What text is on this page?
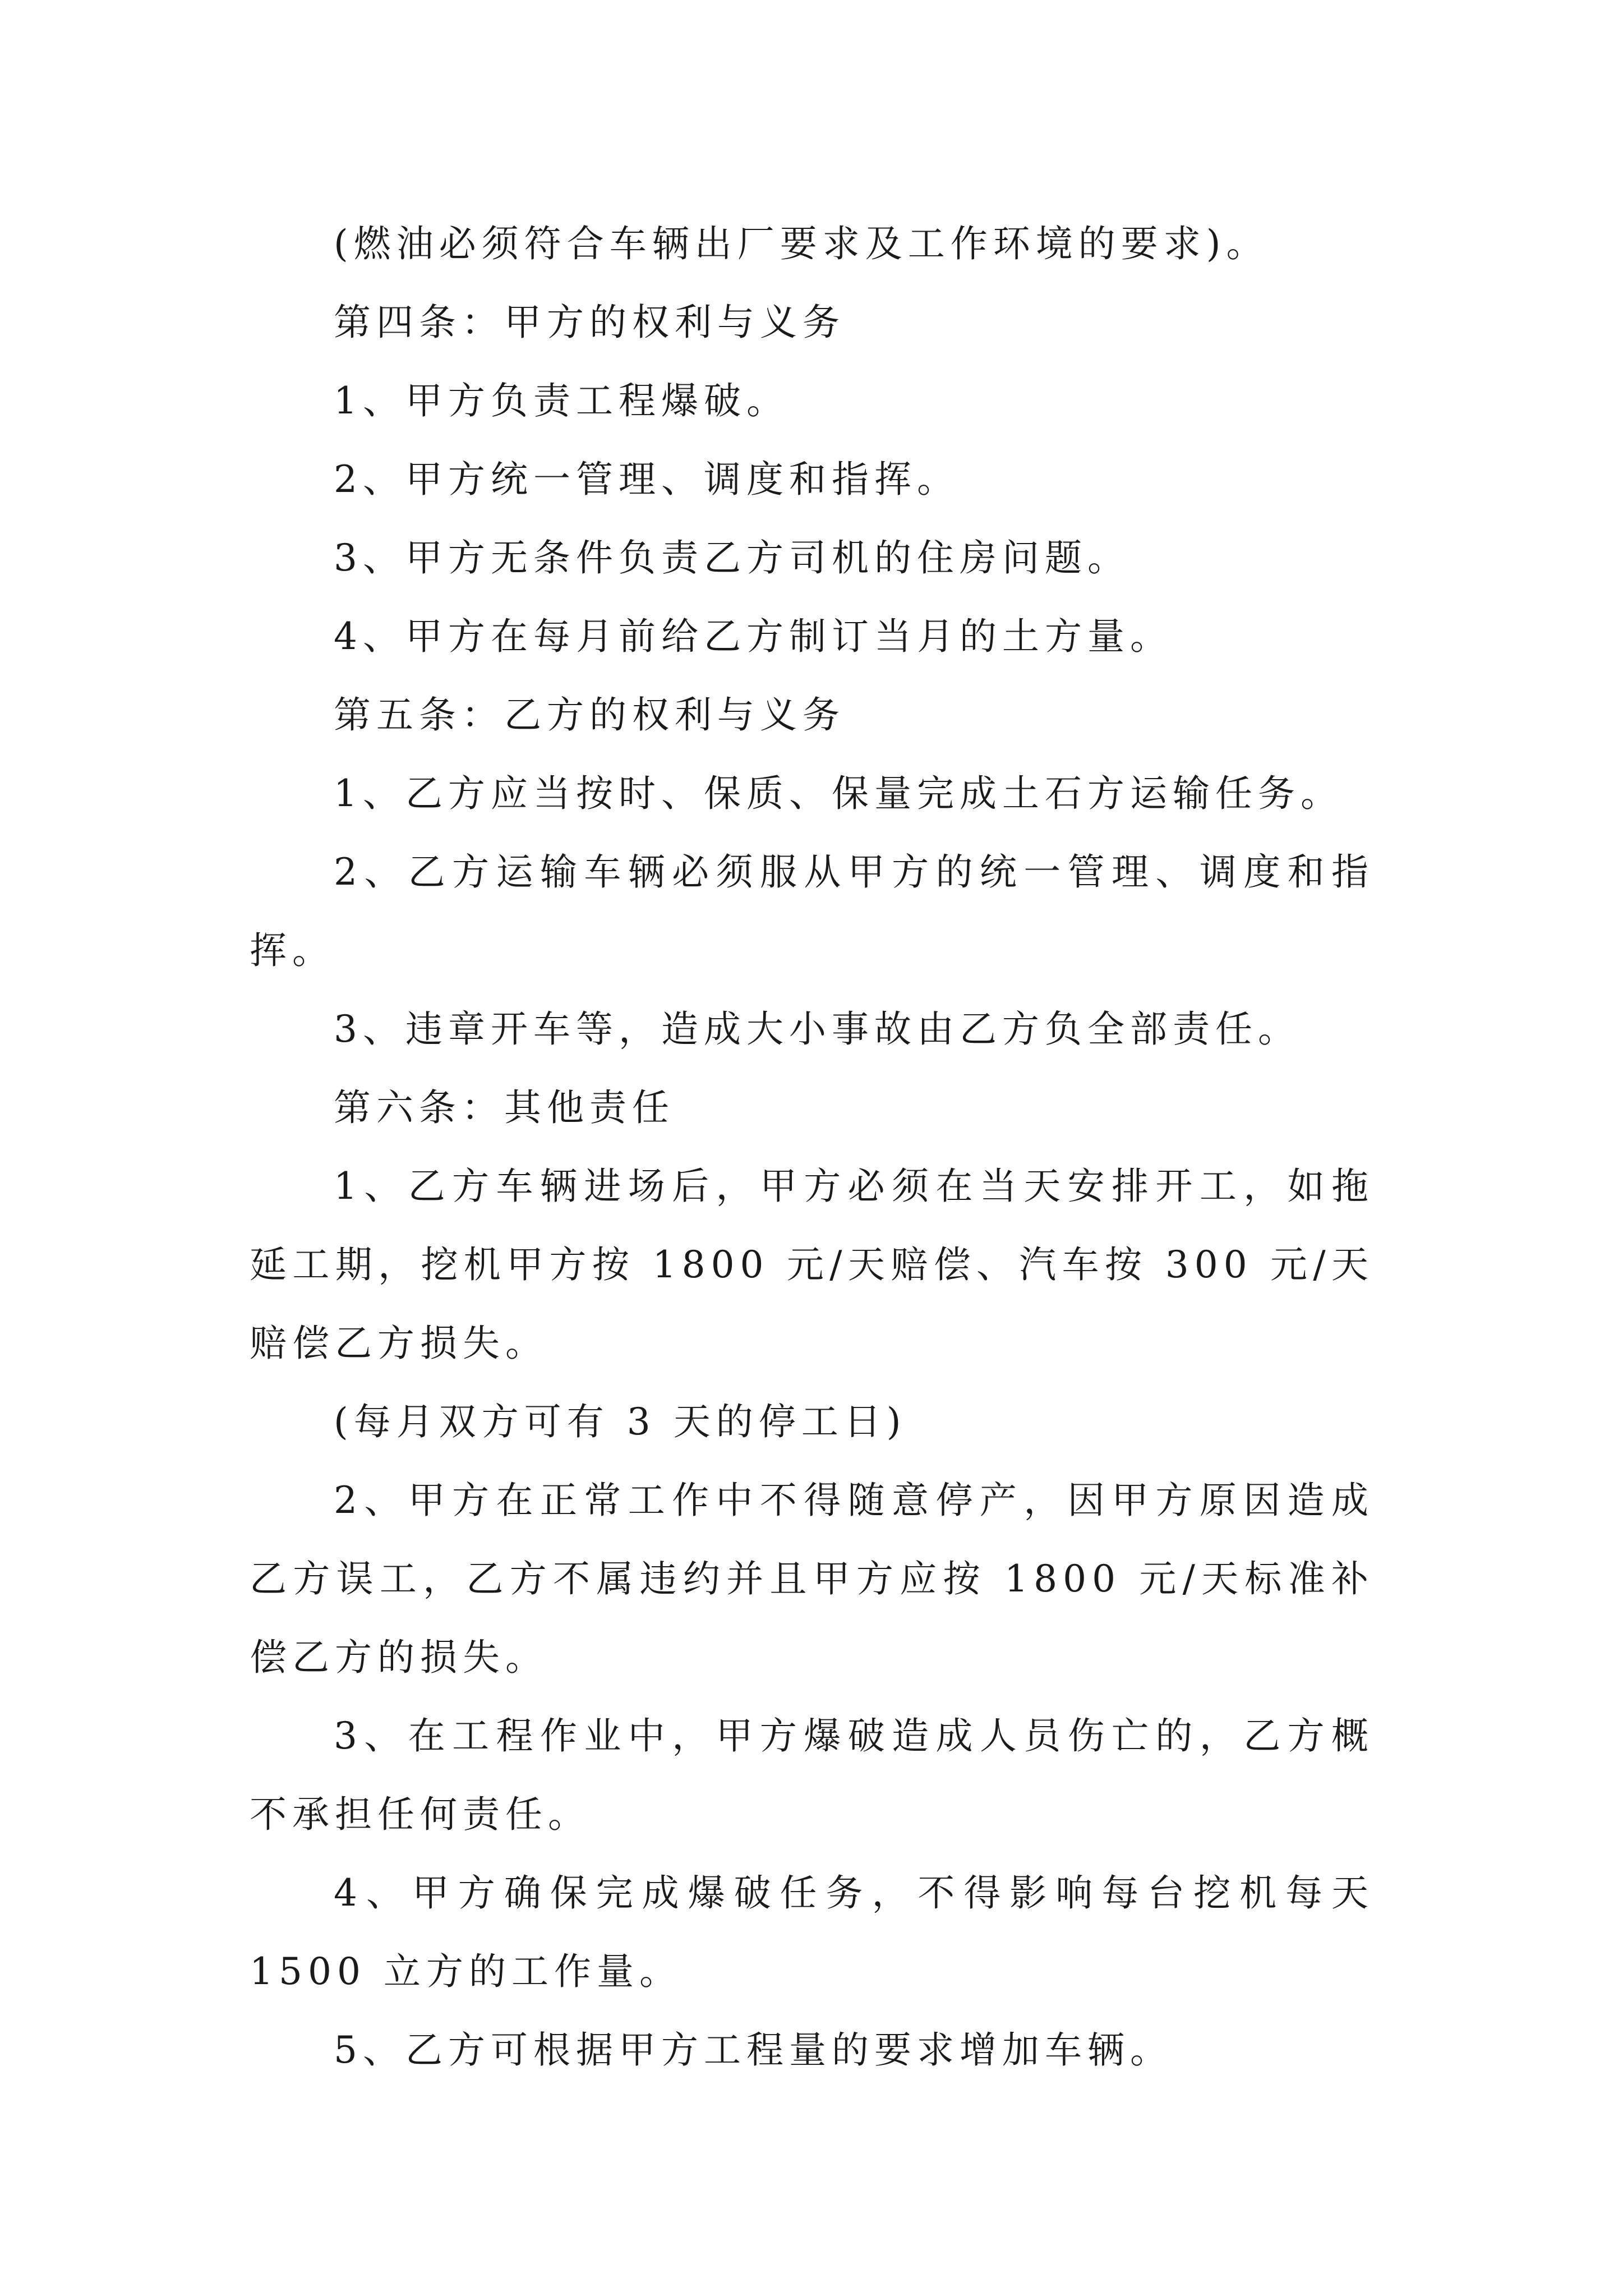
(燃油必须符合车辆出厂要求及工作环境的要求)。

第四条：甲方的权利与义务

1、甲方负责工程爆破。

2、甲方统一管理、调度和指挥。

3、甲方无条件负责乙方司机的住房问题。

4、甲方在每月前给乙方制订当月的土方量。

第五条：乙方的权利与义务

1、乙方应当按时、保质、保量完成土石方运输任务。

2、乙方运输车辆必须服从甲方的统一管理、调度和指挥。

3、违章开车等，造成大小事故由乙方负全部责任。

第六条：其他责任

1、乙方车辆进场后，甲方必须在当天安排开工，如拖延工期，挖机甲方按 1800 元/天赔偿、汽车按 300 元/天赔偿乙方损失。

(每月双方可有 3 天的停工日)

2、甲方在正常工作中不得随意停产，因甲方原因造成乙方误工，乙方不属违约并且甲方应按 1800 元/天标准补偿乙方的损失。

3、在工程作业中，甲方爆破造成人员伤亡的，乙方概不承担任何责任。

4、甲方确保完成爆破任务，不得影响每台挖机每天 1500 立方的工作量。

5、乙方可根据甲方工程量的要求增加车辆。
